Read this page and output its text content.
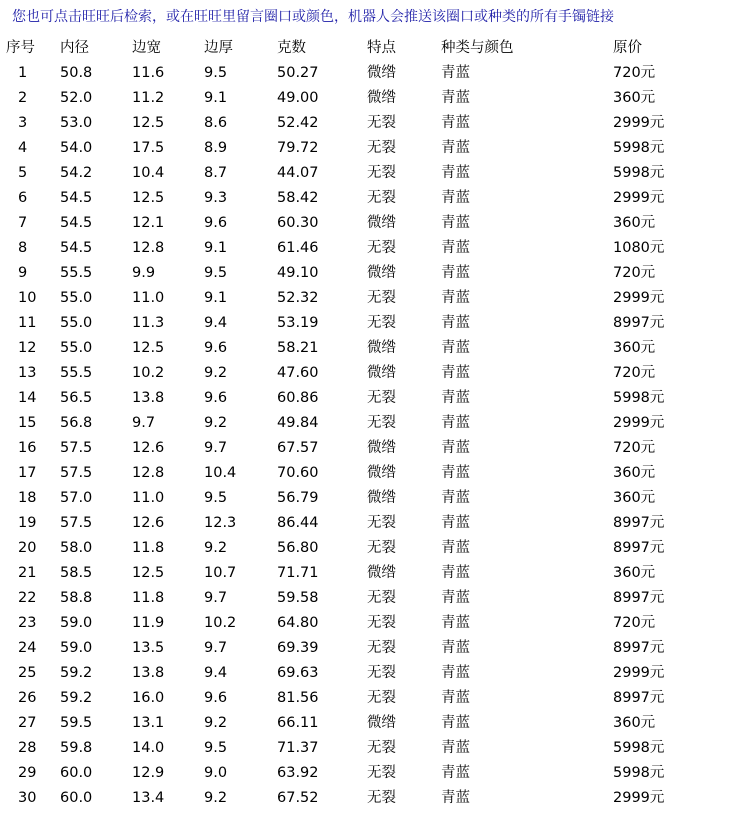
您也可点击旺旺后检索，或在旺旺里留言圈口或颜色，机器人会推送该圈口或种类的所有手镯链接
序号	内径	边宽	边厚	克数	特点	种类与颜色	原价
1	50.8	11.6	9.5	50.27	微绺	青蓝	720元
2	52.0	11.2	9.1	49.00	微绺	青蓝	360元
3	53.0	12.5	8.6	52.42	无裂	青蓝	2999元
4	54.0	17.5	8.9	79.72	无裂	青蓝	5998元
5	54.2	10.4	8.7	44.07	无裂	青蓝	5998元
6	54.5	12.5	9.3	58.42	无裂	青蓝	2999元
7	54.5	12.1	9.6	60.30	微绺	青蓝	360元
8	54.5	12.8	9.1	61.46	无裂	青蓝	1080元
9	55.5	9.9	9.5	49.10	微绺	青蓝	720元
10	55.0	11.0	9.1	52.32	无裂	青蓝	2999元
11	55.0	11.3	9.4	53.19	无裂	青蓝	8997元
12	55.0	12.5	9.6	58.21	微绺	青蓝	360元
13	55.5	10.2	9.2	47.60	微绺	青蓝	720元
14	56.5	13.8	9.6	60.86	无裂	青蓝	5998元
15	56.8	9.7	9.2	49.84	无裂	青蓝	2999元
16	57.5	12.6	9.7	67.57	微绺	青蓝	720元
17	57.5	12.8	10.4	70.60	微绺	青蓝	360元
18	57.0	11.0	9.5	56.79	微绺	青蓝	360元
19	57.5	12.6	12.3	86.44	无裂	青蓝	8997元
20	58.0	11.8	9.2	56.80	无裂	青蓝	8997元
21	58.5	12.5	10.7	71.71	微绺	青蓝	360元
22	58.8	11.8	9.7	59.58	无裂	青蓝	8997元
23	59.0	11.9	10.2	64.80	无裂	青蓝	720元
24	59.0	13.5	9.7	69.39	无裂	青蓝	8997元
25	59.2	13.8	9.4	69.63	无裂	青蓝	2999元
26	59.2	16.0	9.6	81.56	无裂	青蓝	8997元
27	59.5	13.1	9.2	66.11	微绺	青蓝	360元
28	59.8	14.0	9.5	71.37	无裂	青蓝	5998元
29	60.0	12.9	9.0	63.92	无裂	青蓝	5998元
30	60.0	13.4	9.2	67.52	无裂	青蓝	2999元
